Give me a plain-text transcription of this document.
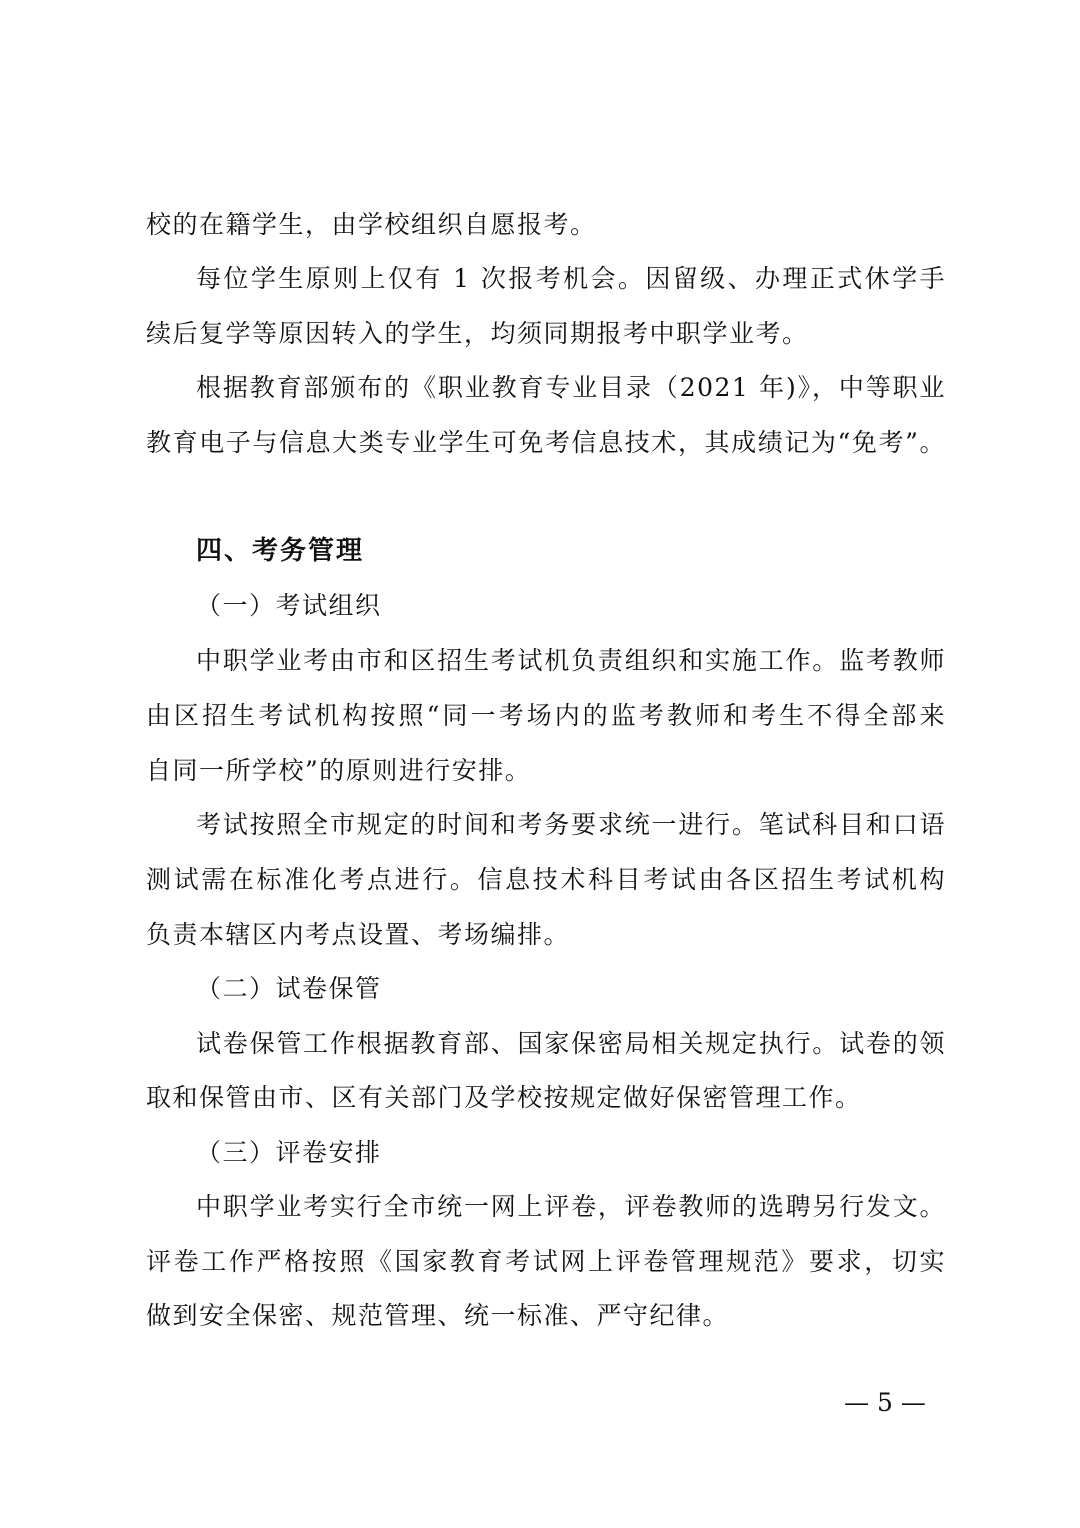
校的在籍学生，由学校组织自愿报考。
每位学生原则上仅有 1 次报考机会。因留级、办理正式休学手
续后复学等原因转入的学生，均须同期报考中职学业考。
根据教育部颁布的《职业教育专业目录（2021 年)》，中等职业
教育电子与信息大类专业学生可免考信息技术，其成绩记为“免考”。
四、考务管理
（一）考试组织
中职学业考由市和区招生考试机负责组织和实施工作。监考教师
由区招生考试机构按照“同一考场内的监考教师和考生不得全部来
自同一所学校”的原则进行安排。
考试按照全市规定的时间和考务要求统一进行。笔试科目和口语
测试需在标准化考点进行。信息技术科目考试由各区招生考试机构
负责本辖区内考点设置、考场编排。
（二）试卷保管
试卷保管工作根据教育部、国家保密局相关规定执行。试卷的领
取和保管由市、区有关部门及学校按规定做好保密管理工作。
（三）评卷安排
中职学业考实行全市统一网上评卷，评卷教师的选聘另行发文。
评卷工作严格按照《国家教育考试网上评卷管理规范》要求，切实
做到安全保密、规范管理、统一标准、严守纪律。
— 5 —
